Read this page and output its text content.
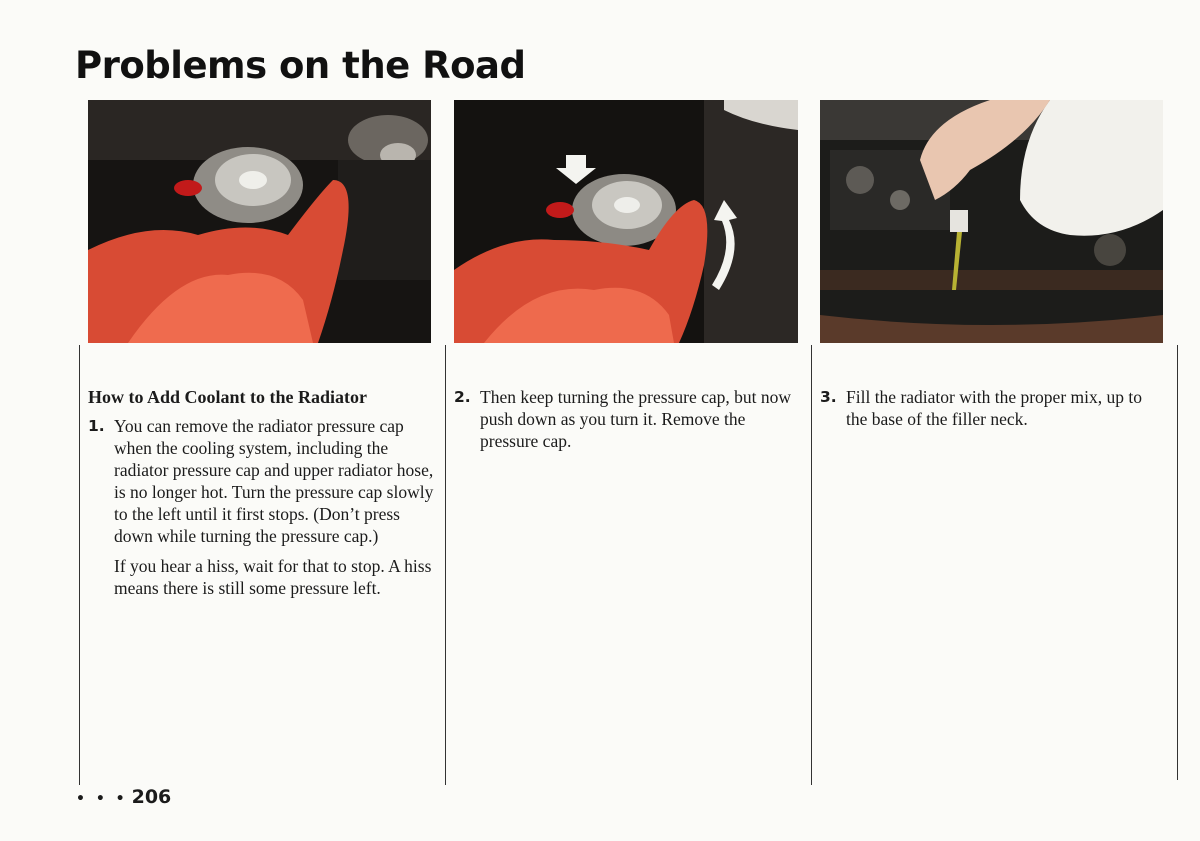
Problems on the Road
How to Add Coolant to the Radiator
1. You can remove the radiator pressure cap when the cooling system, including the radiator pressure cap and upper radiator hose, is no longer hot. Turn the pressure cap slowly to the left until it first stops. (Don’t press down while turning the pressure cap.)
If you hear a hiss, wait for that to stop. A hiss means there is still some pressure left.
2. Then keep turning the pressure cap, but now push down as you turn it. Remove the pressure cap.
3. Fill the radiator with the proper mix, up to the base of the filler neck.
• • • 206
